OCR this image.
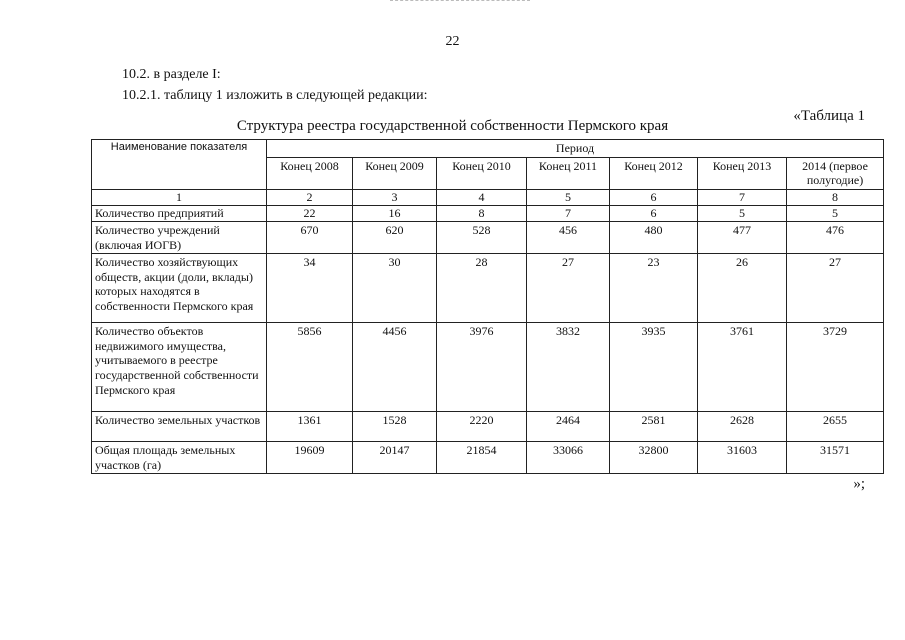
22
10.2. в разделе I:
10.2.1. таблицу 1 изложить в следующей редакции:
«Таблица 1
Структура реестра государственной собственности Пермского края
Наименование показателя	Период						
	Конец 2008	Конец 2009	Конец 2010	Конец 2011	Конец 2012	Конец 2013	2014 (первое полугодие)
1	2	3	4	5	6	7	8
Количество предприятий	22	16	8	7	6	5	5
Количество учреждений (включая ИОГВ)	670	620	528	456	480	477	476
Количество хозяйствующих обществ, акции (доли, вклады) которых находятся в собственности Пермского края	34	30	28	27	23	26	27
Количество объектов недвижимого имущества, учитываемого в реестре государственной собственности Пермского края	5856	4456	3976	3832	3935	3761	3729
Количество земельных участков	1361	1528	2220	2464	2581	2628	2655
Общая площадь земельных участков (га)	19609	20147	21854	33066	32800	31603	31571
»;
